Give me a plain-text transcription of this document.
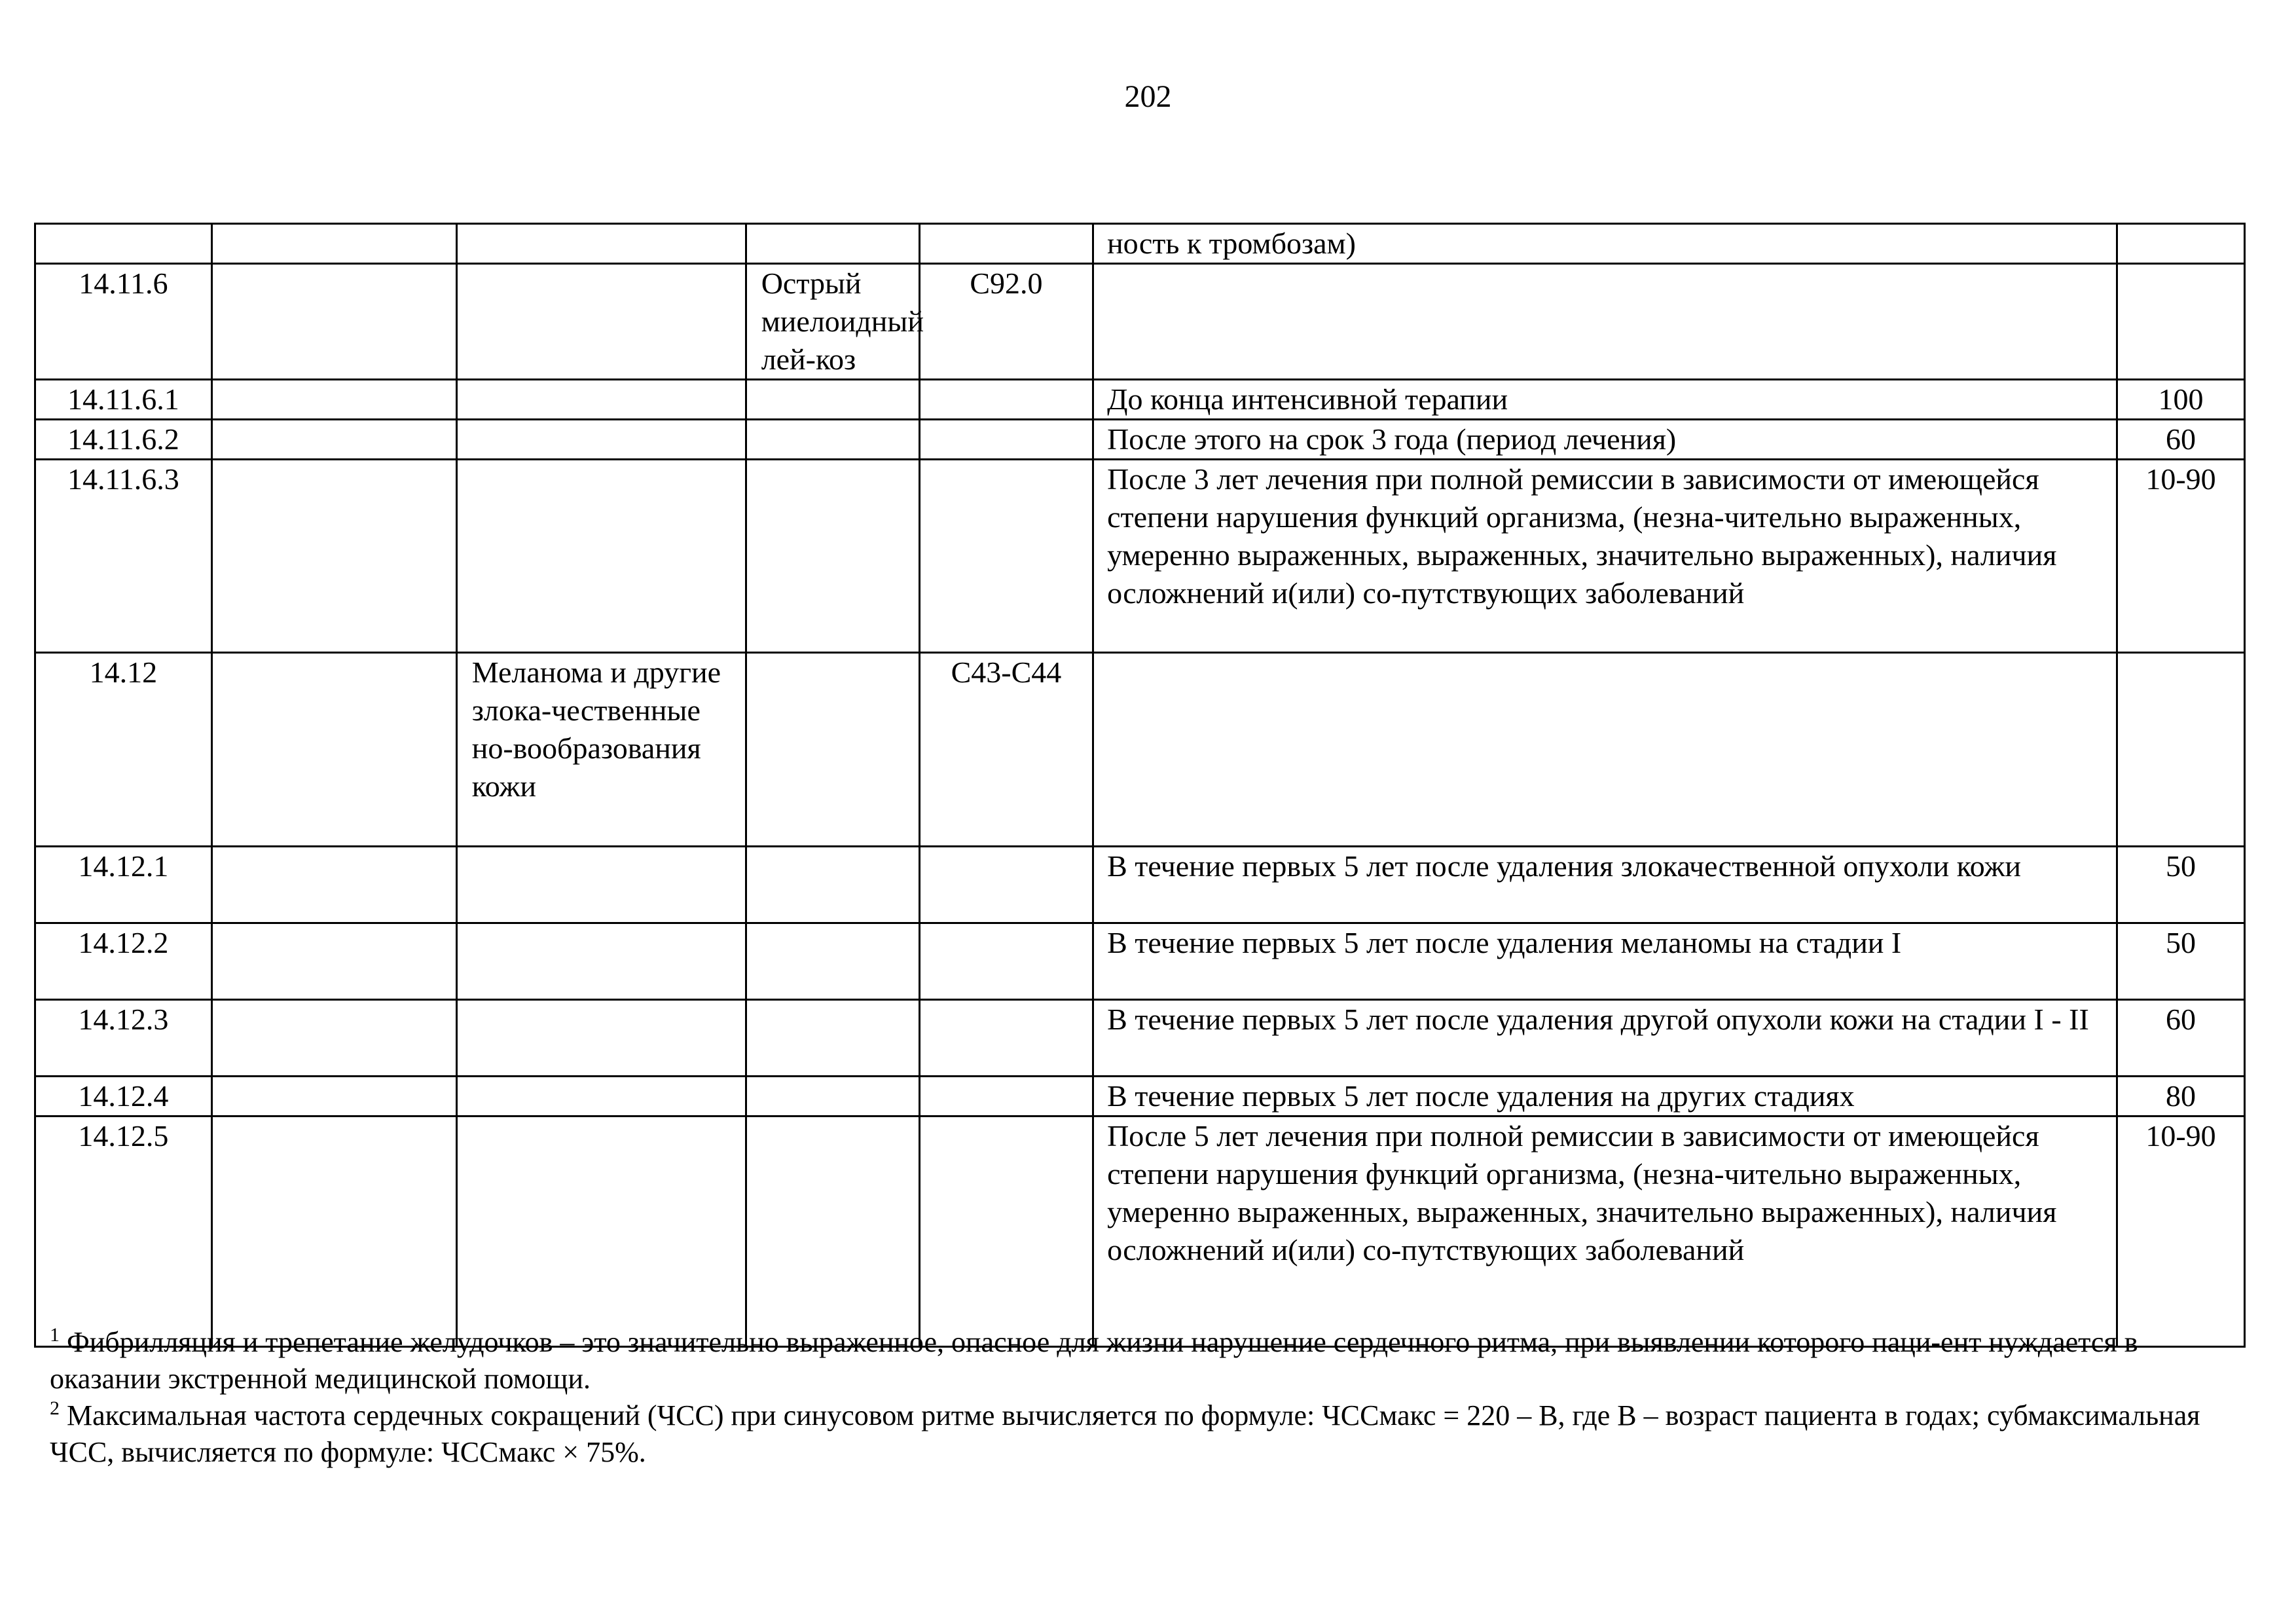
202
					ность к тромбозам)	
14.11.6			Острый миелоидный лей-коз	C92.0		
14.11.6.1					До конца интенсивной терапии	100
14.11.6.2					После этого на срок 3 года (период лечения)	60
14.11.6.3					После 3 лет лечения при полной ремиссии в зависимости от имеющейся степени нарушения функций организма, (незна-чительно выраженных, умеренно выраженных, выраженных, значительно выраженных), наличия осложнений и(или) со-путствующих заболеваний	10-90
14.12		Меланома и другие злока-чественные но-вообразования кожи		C43-C44		
14.12.1					В течение первых 5 лет после удаления злокачественной опухоли кожи	50
14.12.2					В течение первых 5 лет после удаления меланомы на стадии I	50
14.12.3					В течение первых 5 лет после удаления другой опухоли кожи на стадии I - II	60
14.12.4					В течение первых 5 лет после удаления на других стадиях	80
14.12.5					После 5 лет лечения при полной ремиссии в зависимости от имеющейся степени нарушения функций организма, (незна-чительно выраженных, умеренно выраженных, выраженных, значительно выраженных), наличия осложнений и(или) со-путствующих заболеваний	10-90

$^1$ Фибрилляция и трепетание желудочков – это значительно выраженное, опасное для жизни нарушение сердечного ритма, при выявлении которого паци-ент нуждается в оказании экстренной медицинской помощи.

$^2$ Максимальная частота сердечных сокращений (ЧСС) при синусовом ритме вычисляется по формуле: ЧССмакс = 220 – B, где B – возраст пациента в годах; субмаксимальная ЧСС, вычисляется по формуле: ЧССмакс × 75%.
